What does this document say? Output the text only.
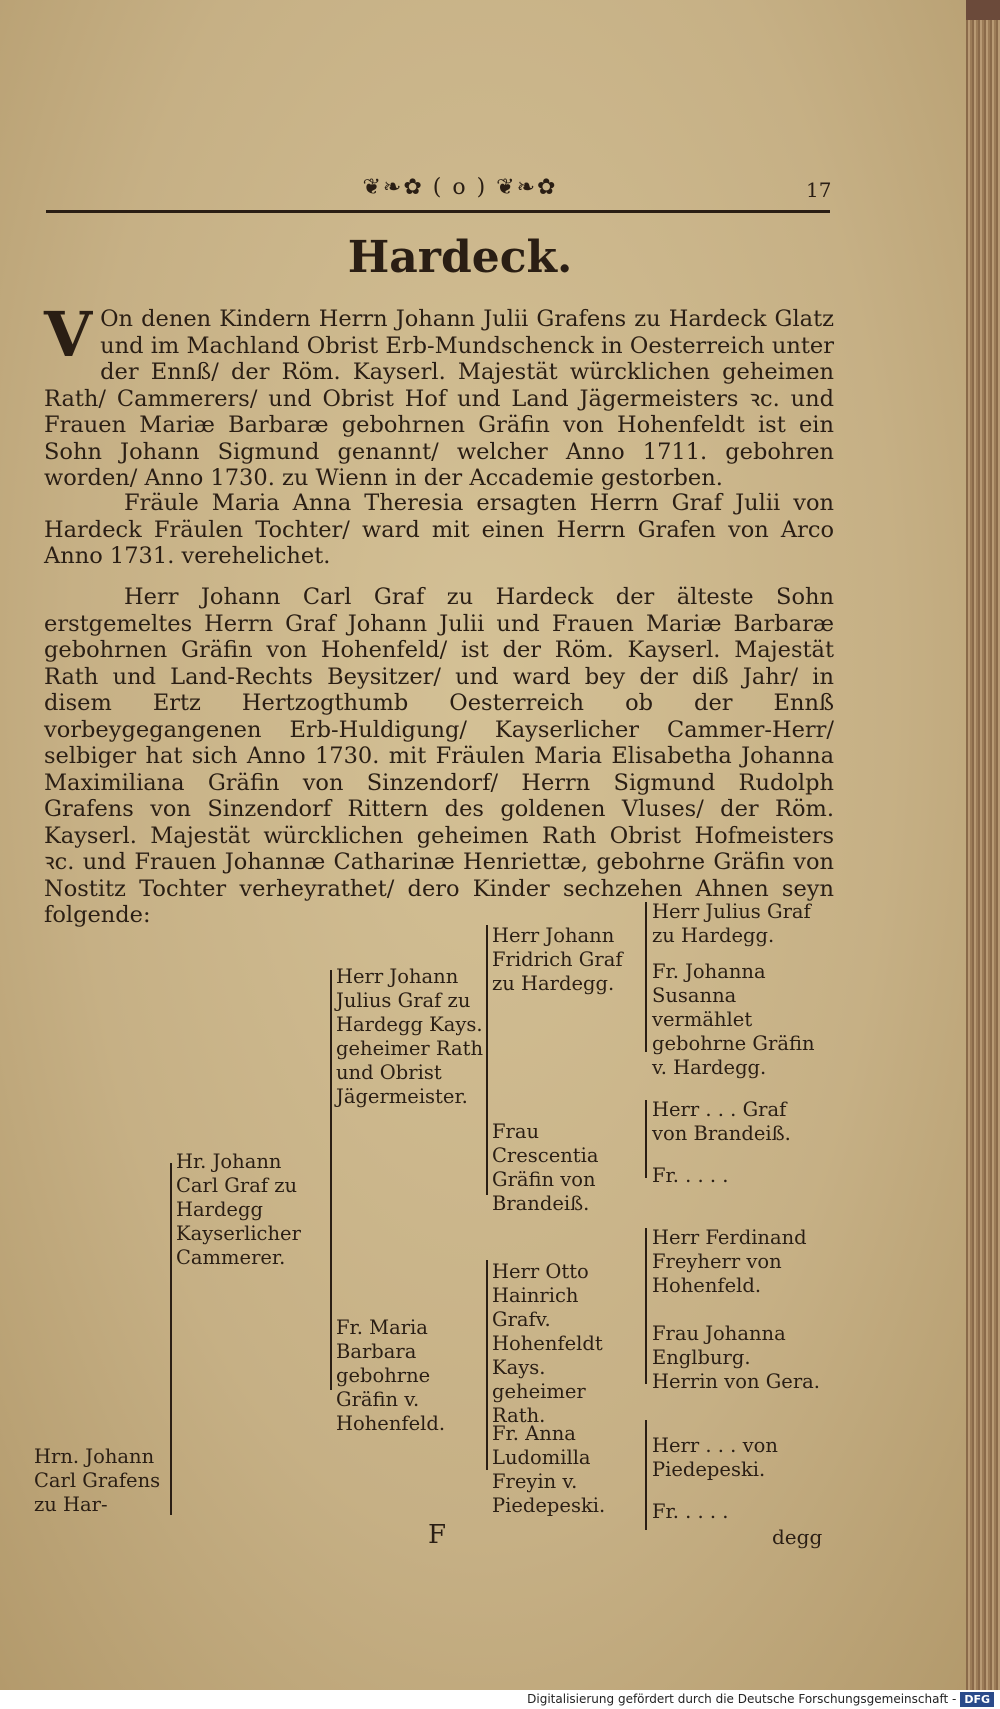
❦❧✿ ( o ) ❦❧✿	17
Hardeck.
V On denen Kindern Herrn Johann Julii Grafens zu Hardeck Glatz und im Machland Obrist Erb-Mundschenck in Oesterreich unter der Ennß/ der Röm. Kayserl. Majestät würcklichen geheimen Rath/ Cammerers/ und Obrist Hof und Land Jägermeisters ꝛc. und Frauen Mariæ Barbaræ gebohrnen Gräfin von Hohenfeldt ist ein Sohn Johann Sigmund genannt/ welcher Anno 1711. gebohren worden/ Anno 1730. zu Wienn in der Accademie gestorben.
Fräule Maria Anna Theresia ersagten Herrn Graf Julii von Hardeck Fräulen Tochter/ ward mit einen Herrn Grafen von Arco Anno 1731. verehelichet.
Herr Johann Carl Graf zu Hardeck der älteste Sohn erstgemeltes Herrn Graf Johann Julii und Frauen Mariæ Barbaræ gebohrnen Gräfin von Hohenfeld/ ist der Röm. Kayserl. Majestät Rath und Land-Rechts Beysitzer/ und ward bey der diß Jahr/ in disem Ertz Hertzogthumb Oesterreich ob der Ennß vorbeygegangenen Erb-Huldigung/ Kayserlicher Cammer-Herr/ selbiger hat sich Anno 1730. mit Fräulen Maria Elisabetha Johanna Maximiliana Gräfin von Sinzendorf/ Herrn Sigmund Rudolph Grafens von Sinzendorf Rittern des goldenen Vluses/ der Röm. Kayserl. Majestät würcklichen geheimen Rath Obrist Hofmeisters ꝛc. und Frauen Johannæ Catharinæ Henriettæ, gebohrne Gräfin von Nostitz Tochter verheyrathet/ dero Kinder sechzehen Ahnen seyn folgende:
Hrn. Johann Carl Grafens zu Har-
Hr. Johann Carl Graf zu Hardegg Kayserlicher Cammerer.
Herr Johann Julius Graf zu Hardegg Kays. geheimer Rath und Obrist Jägermeister.
Fr. Maria Barbara gebohrne Gräfin v. Hohenfeld.
Herr Johann Fridrich Graf zu Hardegg.
Frau Crescentia Gräfin von Brandeiß.
Herr Otto Hainrich Grafv. Hohenfeldt Kays. geheimer Rath.
Fr. Anna Ludomilla Freyin v. Piedepeski.
Herr Julius Graf zu Hardegg.
Fr. Johanna Susanna vermählet gebohrne Gräfin v. Hardegg.
Herr . . . Graf von Brandeiß.
Fr. . . . .
Herr Ferdinand Freyherr von Hohenfeld.
Frau Johanna Englburg. Herrin von Gera.
Herr . . . von Piedepeski.
Fr. . . . .
F	degg
Digitalisierung gefördert durch die Deutsche Forschungsgemeinschaft - DFG
